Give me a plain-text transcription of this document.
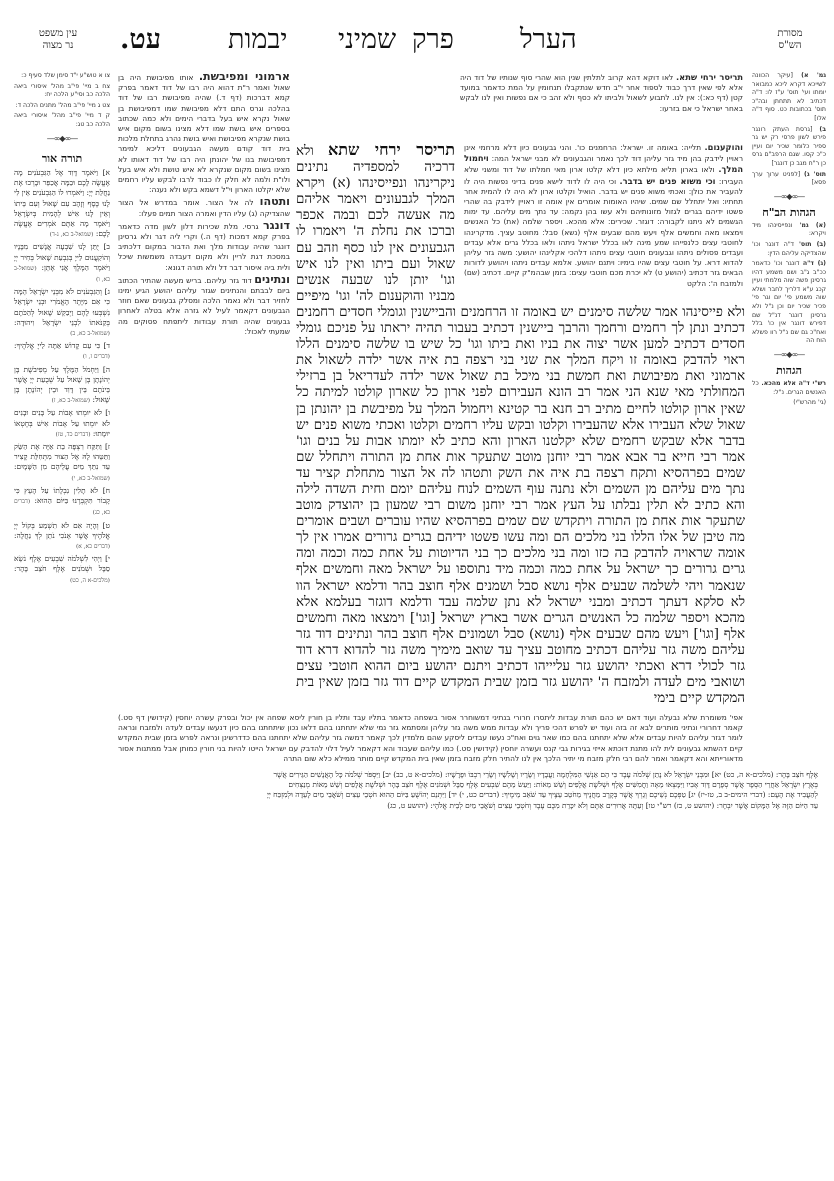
מסורת
הש"ס
הערל
פרק
שמיני
יבמות
עט.
עין משפט
נר מצוה
גמ' א) [עיקר הכוונה לשייכא דקרא ליכא כמבואר יומתו ועי' תוס' ע"ז לו: ד"ה דכתיב לא תתחתן ובה"כ תוס' בכתובות כט. סוף ד"ה אלו]
ב) [גרסת העתק רונגר פירש לשון פרסי רק יש גר ספיר כלומר שכיר יום ועיין כ"כ קסו. שגם הרפב"ם גרס כן ר"ח מגב כן דונגר]
תוס' ג) [לפניט ערוך ערך פסא]
—∞◆∞—
הגהות הב"ח
(א) גמ' ונפייסינהו מיד ויקרא:
(ב) תוס' ד"ה דונגר וכו' שהצדיקה עליהם הדין:
(ג) ד"ה דונגר וכו' כדאמר ככ"ב ג"ב ושם משמע דהיו גרסינן פשה שוה מלמתי ועיין קכג ע"א דלריך לחבר ושלא שוה משמע פי' יום וגר פי' פכיר שכיר יום וכן נ"ל ולא גרסינן דונגר דנ"ל שם דפירש דונגר אין כו' בלל ואח"כ גם שם נ"ל רוו פשלא הוח הה
—∞◆∞—
הגהות
רש"י ד"ה אלא מהכא. כל האנשים הגרים. נ"ל:
(גי' מהרש"י)
תריסר ירחי שתא. לאו דוקא דהא קרוב לתלתין שנין הוא שהרי סוף שנותיו של דוד היה אלא לפי שאין דרך כבוד לספוד אחר י"ב חדש שנתקבלו תנחומין על המת כדאמר במועד קטן (דף כא:): אין לנו. לתבוע לשאול ולביתו לא כסף ולא זהב כי אם נפשות ואין לנו לבקש באחר ישראל כי אם בזרעו:
והוקענום. תלייה: באומה זו. ישראל: הרחמנים כו'. והני גבעונים כיון דלא מרחמי אינן ראויין לידבק בהן מיד גזר עליהן דוד לכך נאמר והגבעונים לא מבני ישראל המה: ויחמול המלך. ולאו בארון תליא מילתא כיון דלא קלטו ארון מאי חמלתו של דוד ומשני שלא העבירו: וכי משוא פנים יש בדבר. וכי היה לו לדוד לישא פנים בדיני נפשות היה לו להעביר את כולן: ואכתי משוא פנים יש בדבר. הואיל וקלטו ארון לא היה לו להמית אחר תחתיו: ואל יתחלל שם שמים. שיהיו האומות אומרים אין אומה זו ראויין לידבק בה שהרי פשטו ידיהם בגרים לגזול מזונותיהם ולא עשו בהן נקמה: עד נתך מים עליהם. עד ימות הגשמים לא ניתנו לקבורה: דוגזר. שכירים: אלא מהכא. ויספר שלמה (את) כל האנשים וימצאו מאה וחמשים אלף ויעש מהם שבעים אלף (נשא) סבל: מחוטב עציך. מדקרינהו לחוטבי עצים כלנפייהו שמע מינה לאו בכלל ישראל ניתהו ולאו בכלל גרים אלא עבדים ועבדים פסולים ניתהו וגבעונים חוטבי עצים ניתהו דלהכי אקלינהו יהושע: משה גזר עליהן להדוא דרא. על חוטבי עצים שהיו בימיו: ויתנם יהושע. אלמא עבדים ניתהו ויהושע לדורות הבאים גזר דכתיב (יהושע ט) לא יכרת מכם חוטבי עצים: בזמן שבהמ"ק קיים. דכתיב (שם) ולמזבח ה': הלקט
תריסר ירחי שתא ולא דרכיה למספדיה נתינים ניקרינהו ונפייסינהו (א) ויקרא המלך לגבעונים ויאמר אליהם מה אעשה לכם ובמה אכפר וברכו את נחלת ה' ויאמרו לו הגבעונים אין לנו כסף וזהב עם שאול ועם ביתו ואין לנו איש וגו' יותן לנו שבעה אנשים מבניו והוקענום לה' וגו' מיפיים ולא פייסינהו אמר שלשה סימנים יש באומה זו הרחמנים והביישנין וגומלי חסדים רחמנים דכתיב ונתן לך רחמים ורחמך והרבך ביישנין דכתיב בעבור תהיה יראתו על פניכם גומלי חסדים דכתיב למען אשר יצוה את בניו ואת ביתו וגו' כל שיש בו שלשה סימנים הללו ראוי להדבק באומה זו ויקח המלך את שני בני רצפה בת איה אשר ילדה לשאול את ארמוני ואת מפיבושת ואת חמשת בני מיכל בת שאול אשר ילדה לעדריאל בן ברזילי המחולתי מאי שנא הני אמר רב הונא העבירום לפני ארון כל שארון קולטו למיתה כל שאין ארון קולטו לחיים מתיב רב חנא בר קטינא ויחמול המלך על מפיבשת בן יהונתן בן שאול שלא העבירו אלא שהעבירו וקלטו ובקש עליו רחמים וקלטו ואכתי משוא פנים יש בדבר אלא שבקש רחמים שלא יקלטנו הארון והא כתיב לא יומתו אבות על בנים וגו' אמר רבי חייא בר אבא אמר רבי יוחנן מוטב שתעקר אות אחת מן התורה ויתחלל שם שמים בפרהסיא ותקח רצפה בת איה את השק ותטהו לה אל הצור מתחלת קציר עד נתך מים עליהם מן השמים ולא נתנה עוף השמים לנוח עליהם יומם וחית השדה לילה והא כתיב לא תלין נבלתו על העץ אמר רבי יוחנן משום רבי שמעון בן יהוצדק מוטב שתעקר אות אחת מן התורה ויתקדש שם שמים בפרהסיא שהיו עוברים ושבים אומרים מה טיבן של אלו הללו בני מלכים הם ומה עשו פשטו ידיהם בגרים גרורים אמרו אין לך אומה שראויה להדבק בה כזו ומה בני מלכים כך בני הדיוטות על אחת כמה וכמה ומה גרים גרורים כך ישראל על אחת כמה וכמה מיד נתוספו על ישראל מאה וחמשים אלף שנאמר ויהי לשלמה שבעים אלף נושא סבל ושמנים אלף חוצב בהר ודלמא ישראל הוו לא סלקא דעתך דכתיב ומבני ישראל לא נתן שלמה עבד ודלמא דוגזר בעלמא אלא מהכא ויספר שלמה כל האנשים הגרים אשר בארץ ישראל [וגו'] וימצאו מאה וחמשים אלף [וגו'] ויעש מהם שבעים אלף (נושא) סבל ושמונים אלף חוצב בהר ונתינים דוד גזר עליהם משה גזר עליהם דכתיב מחוטב עציך עד שואב מימיך משה גזר להדוא דרא דוד גזר לכולי דרא ואכתי יהושע גזר עליייהו דכתיב ויתנם יהושע ביום ההוא חוטבי עצים ושואבי מים לעדה ולמזבח ה' יהושע גזר בזמן שבית המקדש קיים דוד גזר בזמן שאין בית המקדש קיים בימי
ארמוני ומפיבשת. אותו מפיבושת היה בן שאול ואמר ר"ת דהוא היה רבו של דוד דאמר בפרק קמא דברכות (דף ד.) שהיה מפיבושת רבו של דוד בהלכה וגרס התם דלא מפיבושת שמו דמפיבושת בן שאול נקרא איש בעל בדברי הימים ולא כמה שכתוב בספרים איש בושת שמו דלא מצינו בשום מקום איש בושת שנקרא מפיבושת ואיש בושת נהרג בתחלת מלכות בית דוד קודם מעשה הגבעונים דליכא למימר דמפיבושת בנו של יהונתן היה רבו של דוד דאותו לא מצינו בשום מקום שנקרא לא איש טושת ולא איש בעל ולו"ת ולמה לא חלק לו כבוד לרבו לבקש עליו רחמים שלא יקלטו הארון וי"ל דשמא בקש ולא נענה:
ותטהו לה אל הצור. אומר במדרש אל הצור שהצדיקה (ג) עליו הדין ואמרה הצור תמים פעלו:
דונגר גרסי. מלת שכירות דלון לשון מדה כדאמר בפרק קמא דמכות (דף ה.) וקרי ליה דגר ולא גרסינן דונגר שהיה עבודות מלך ואת הדבור במקום דלכתיב במסכת דגת לריין ולא מקום דעבדה משמשות שיכל ולית ביה איסור דבר דל ולא תורה דגונא:
ונתינים דוד גזר עליהם. בריש מעשה שהתיר הכתוב ביום לבבתם והנתינים שגזר עליהם יהושע הגיע ימינו לחזיר דבר ולא נאמר הלכה ומסלק גבעונים שאם חוזר הגבעונים דקאמר לעיל לא גזרה אלא בטלה לאחרון גבעונים שהיה תורת עבודות ליתפתח פסוקים מה שמעתי לאכול:
אפי' משומרת שלא נבעלה ועוד דאם יש כהם תורת עבדות ליתסרו חרורי בנתיני דמשוחרר אסור בשפחה כדאמר בתליו עבד ותליו בן חורין ליסא שפחה אין יכול ובפרק עשרה יוחסין (קידושין דף סט.) קאמר דחרורי ונתיני מותרים לבא זה בזה ועוד יש לפרש דהכי פריך ולא עבדות ממש משה גזר עליהן ומסתמא גזר נמי שלא יתחתנו בהם דלאו נכון שיתחתנו בהם כיון דנעשו עבדים לעדה ולמזבח ונראה לומר דגזר עליהם להיות עבדים אלא שלא יתחתנו בהם כמו שאר גוים ואח"כ נעשו עבדים ליסקע שהם מלמדין לכך קאמר דמשה גזר עליהם שלא יתחתנו בהם כדדרשינן ונראה לפרש בזמן שבית המקדש קיים דהשתא גבעונים לית להו מתנת דוכתא אייזי בגירות גבי קנס ועשרה יוחסין (קידושין סט.) כמו עליהם שעבוד והא דקאמר לעיל דלוי להדבק עם ישראל הייטו להיות בני חורין כמותן אבל ממתנות אסור מדאורייתא והא דקאמר ואמר להם רבי חלק מזבח מי יתיר הלכך אין לנו להתיר חלק מזבח בזמן שאין בית המקדש קיים מותר ממילא כלא שום התרה
צו א טוש"ע י"ד סימן שלד סעיף כ:
צח ב מיי' פי"ב מהל' איסורי ביאה הלכה כב וסי"ע הלכה יח:
צט ג מיי' פי"ב מהל' מתנים הלכה ד:
ק ד מיי' פי"ב מהל' איסורי ביאה הלכה כב טג:
—∞◆∞—
תורה אור
א] וַיֹּאמֶר דָּוִד אֶל הַגִּבְעֹנִים מָה אֶעֱשֶׂה לָכֶם וּבַמָּה אֲכַפֵּר וּבָרְכוּ אֶת נַחֲלַת יְיָ: וַיֹּאמְרוּ לוֹ הַגִּבְעֹנִים אֵין לִי לָנוּ כֶּסֶף וְזָהָב עִם שָׁאוּל וְעִם בֵּיתוֹ וְאֵין לָנוּ אִישׁ לְהָמִית בְּיִשְׂרָאֵל וַיֹּאמֶר מָה אַתֶּם אֹמְרִים אֶעֱשֶׂה לָכֶם: (שמואל-ב כא, ג-ד)
ב] יֻתַּן לָנוּ שִׁבְעָה אֲנָשִׁים מִבָּנָיו וְהוֹקַעֲנוּם לַייָ בְּגִבְעַת שָׁאוּל בְּחִיר יְיָ וַיֹּאמֶר הַמֶּלֶךְ אֲנִי אֶתֵּן: (שמואל-ב כא, ו)
ג] וְהַגִּבְעֹנִים לֹא מִבְּנֵי יִשְׂרָאֵל הֵמָּה כִּי אִם מִיֶּתֶר הָאֱמֹרִי וּבְנֵי יִשְׂרָאֵל נִשְׁבְּעוּ לָהֶם וַיְבַקֵּשׁ שָׁאוּל לְהַכֹּתָם בְּקַנֹּאתוֹ לִבְנֵי יִשְׂרָאֵל וִיהוּדָה: (שמואל-ב כא, ב)
ד] כִּי עַם קָדוֹשׁ אַתָּה לַייָ אֱלֹהֶיךָ: (דברים ז, ו)
ה] וַיַּחְמֹל הַמֶּלֶךְ עַל מְפִיבֹשֶׁת בֶּן יְהוֹנָתָן בֶּן שָׁאוּל עַל שְׁבֻעַת יְיָ אֲשֶׁר בֵּינֹתָם בֵּין דָּוִד וּבֵין יְהוֹנָתָן בֶּן שָׁאוּל: (שמואל-ב כא, ז)
ו] לֹא יוּמְתוּ אָבוֹת עַל בָּנִים וּבָנִים לֹא יוּמְתוּ עַל אָבוֹת אִישׁ בְּחֶטְאוֹ יוּמָתוּ: (דברים כד, טז)
ז] וַתִּקַּח רִצְפָּה בַת אַיָּה אֶת הַשַּׂק וַתַּטֵּהוּ לָהּ אֶל הַצּוּר מִתְּחִלַּת קָצִיר עַד נִתַּךְ מַיִם עֲלֵיהֶם מִן הַשָּׁמָיִם: (שמואל-ב כא, י)
ח] לֹא תָלִין נִבְלָתוֹ עַל הָעֵץ כִּי קָבוֹר תִּקְבְּרֶנּוּ בַּיּוֹם הַהוּא: (דברים כא, כג)
ט] וְהָיָה אִם לֹא תִשְׁמַע בְּקוֹל יְיָ אֱלֹהֶיךָ אֲשֶׁר אָנֹכִי נֹתֵן לְךָ נַחֲלָה: (דברים כא, א)
י] וַיְהִי לִשְׁלֹמֹה שִׁבְעִים אֶלֶף נֹשֵׂא סַבָּל וּשְׁמֹנִים אֶלֶף חֹצֵב בָּהָר: (מלכים-א ה, כט)
אֶלֶף חֹצֵב בָּהָר: (מלכים-א ה, כט) יא] וּמִבְּנֵי יִשְׂרָאֵל לֹא נָתַן שְׁלֹמֹה עָבֶד כִּי הֵם אַנְשֵׁי הַמִּלְחָמָה וַעֲבָדָיו וְשָׂרָיו וְשָׁלִשָׁיו וְשָׂרֵי רִכְבּוֹ וּפָרָשָׁיו: (מלכים-א ט, כב) יב] וַיִּסְפֹּר שְׁלֹמֹה כָּל הָאֲנָשִׁים הַגֵּירִים אֲשֶׁר
בְּאֶרֶץ יִשְׂרָאֵל אַחֲרֵי הַסְּפָר אֲשֶׁר סְפָרָם דָּוִד אָבִיו וַיִּמָּצְאוּ מֵאָה וַחֲמִשִּׁים אֶלֶף וּשְׁלֹשֶׁת אֲלָפִים וְשֵׁשׁ מֵאוֹת: וַיַּעַשׂ מֵהֶם שִׁבְעִים אֶלֶף סַבָּל וּשְׁמֹנִים אֶלֶף חֹצֵב בָּהָר וּשְׁלֹשֶׁת אֲלָפִים וְשֵׁשׁ מֵאוֹת מְנַצְּחִים
לְהַעֲבִיד אֶת הָעָם: (דברי הימים-ב ב, טז-יז) יג] טַפְּכֶם נְשֵׁיכֶם וְגֵרְךָ אֲשֶׁר בְּקֶרֶב מַחֲנֶיךָ מֵחֹטֵב עֵצֶיךָ עַד שֹׁאֵב מֵימֶיךָ: (דברים כט, י) יד] וַיִּתְּנֵם יְהוֹשֻׁעַ בַּיּוֹם הַהוּא חֹטְבֵי עֵצִים וְשֹׁאֲבֵי מַיִם לָעֵדָה וּלְמִזְבַּח יְיָ
עַד הַיּוֹם הַזֶּה אֶל הַמָּקוֹם אֲשֶׁר יִבְחָר: (יהושע ט, כז) רש"י טו] וְעַתָּה אֲרוּרִים אַתֶּם וְלֹא יִכָּרֵת מִכֶּם עֶבֶד וְחֹטְבֵי עֵצִים וְשֹׁאֲבֵי מַיִם לְבֵית אֱלֹהָי: (יהושע ט, כג)
